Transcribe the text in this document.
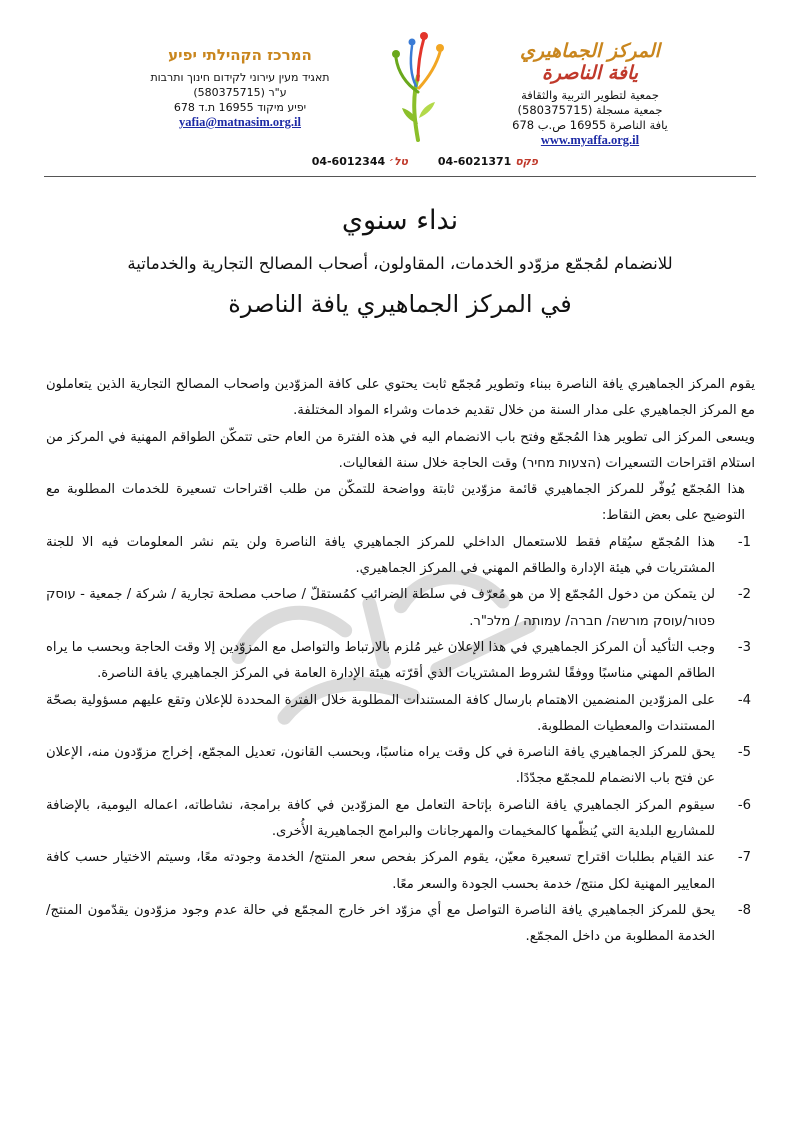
المركز الجماهيري يافة الناصرة
جمعية لتطوير التربية والثقافة
جمعية مسجلة (580375715)
يافة الناصرة 16955 ص.ب 678
www.myaffa.org.il
המרכז הקהילתי יפיע
תאגיד מעין עירוני לקידום חינוך ותרבות
ע"ר (580375715)
יפיע מיקוד 16955 ת.ד 678
yafia@matnasim.org.il
פקס 04-6021371
טל׳ 04-6012344
نداء سنوي
للانضمام لمُجمّع مزوّدو الخدمات، المقاولون، أصحاب المصالح التجارية والخدماتية
في المركز الجماهيري يافة الناصرة

يقوم المركز الجماهيري يافة الناصرة ببناء وتطوير مُجمّع ثابت يحتوي على كافة المزوّدين واصحاب المصالح التجارية الذين يتعاملون مع المركز الجماهيري على مدار السنة من خلال تقديم خدمات وشراء المواد المختلفة.

ويسعى المركز الى تطوير هذا المُجمّع وفتح باب الانضمام اليه في هذه الفترة من العام حتى تتمكّن الطواقم المهنية في المركز من استلام اقتراحات التسعيرات (הצעות מחיר) وقت الحاجة خلال سنة الفعاليات.

هذا المُجمّع يُوفّر للمركز الجماهيري قائمة مزوّدين ثابتة وواضحة للتمكّن من طلب اقتراحات تسعيرة للخدمات المطلوبة مع التوضيح على بعض النقاط:

-1
هذا المُجمّع سيُقام فقط للاستعمال الداخلي للمركز الجماهيري يافة الناصرة ولن يتم نشر المعلومات فيه الا للجنة المشتريات في هيئة الإدارة والطاقم المهني في المركز الجماهيري.
-2
لن يتمكن من دخول المُجمّع إلا من هو مُعرّف في سلطة الضرائب كمُستقلّ / صاحب مصلحة تجارية / شركة / جمعية - עוסק פטור/עוסק מורשה/ חברה/ עמותה / מלכ"ר.
-3
وجب التأكيد أن المركز الجماهيري في هذا الإعلان غير مُلزم بالارتباط والتواصل مع المزوّدين إلا وقت الحاجة وبحسب ما يراه الطاقم المهني مناسبًا ووفقًا لشروط المشتريات الذي أقرّته هيئة الإدارة العامة في المركز الجماهيري يافة الناصرة.
-4
على المزوّدين المنضمين الاهتمام بارسال كافة المستندات المطلوبة خلال الفترة المحددة للإعلان وتقع عليهم مسؤولية بصحّة المستندات والمعطيات المطلوبة.
-5
يحق للمركز الجماهيري يافة الناصرة في كل وقت يراه مناسبًا، وبحسب القانون، تعديل المجمّع، إخراج مزوّدون منه، الإعلان عن فتح باب الانضمام للمجمّع مجدّدًا.
-6
سيقوم المركز الجماهيري يافة الناصرة بإتاحة التعامل مع المزوّدين في كافة برامجة، نشاطاته، اعماله اليومية، بالإضافة للمشاريع البلدية التي يُنظّمها كالمخيمات والمهرجانات والبرامج الجماهيرية الأُخرى.
-7
عند القيام بطلبات اقتراح تسعيرة معيّن، يقوم المركز بفحص سعر المنتج/ الخدمة وجودته معًا، وسيتم الاختيار حسب كافة المعايير المهنية لكل منتج/ خدمة بحسب الجودة والسعر معًا.
-8
يحق للمركز الجماهيري يافة الناصرة التواصل مع أي مزوّد اخر خارج المجمّع في حالة عدم وجود مزوّدون يقدّمون المنتج/ الخدمة المطلوبة من داخل المجمّع.
